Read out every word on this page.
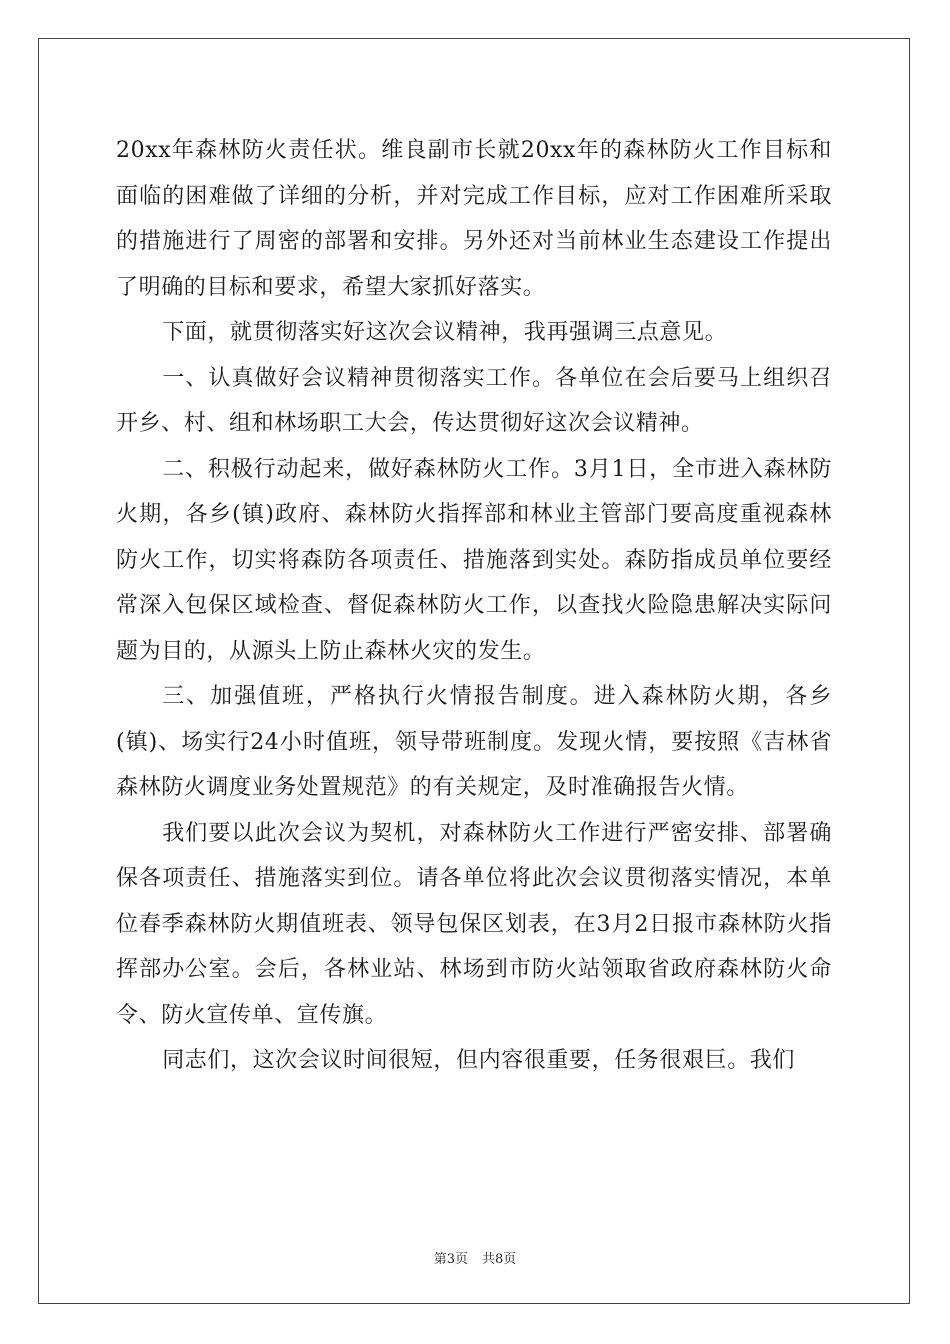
20xx年森林防火责任状。维良副市长就20xx年的森林防火工作目标和面临的困难做了详细的分析，并对完成工作目标，应对工作困难所采取的措施进行了周密的部署和安排。另外还对当前林业生态建设工作提出了明确的目标和要求，希望大家抓好落实。

下面，就贯彻落实好这次会议精神，我再强调三点意见。

一、认真做好会议精神贯彻落实工作。各单位在会后要马上组织召开乡、村、组和林场职工大会，传达贯彻好这次会议精神。

二、积极行动起来，做好森林防火工作。3月1日，全市进入森林防火期，各乡(镇)政府、森林防火指挥部和林业主管部门要高度重视森林防火工作，切实将森防各项责任、措施落到实处。森防指成员单位要经常深入包保区域检查、督促森林防火工作，以查找火险隐患解决实际问题为目的，从源头上防止森林火灾的发生。

三、加强值班，严格执行火情报告制度。进入森林防火期，各乡(镇)、场实行24小时值班，领导带班制度。发现火情，要按照《吉林省森林防火调度业务处置规范》的有关规定，及时准确报告火情。

我们要以此次会议为契机，对森林防火工作进行严密安排、部署确保各项责任、措施落实到位。请各单位将此次会议贯彻落实情况，本单位春季森林防火期值班表、领导包保区划表，在3月2日报市森林防火指挥部办公室。会后，各林业站、林场到市防火站领取省政府森林防火命令、防火宣传单、宣传旗。

同志们，这次会议时间很短，但内容很重要，任务很艰巨。我们

第3页 共8页
